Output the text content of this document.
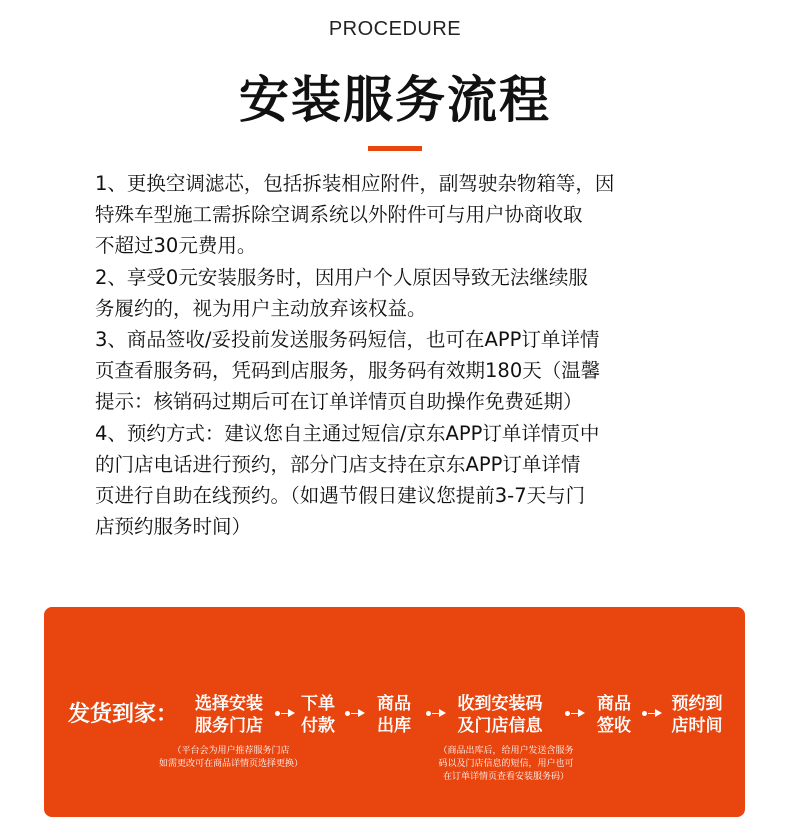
PROCEDURE
安装服务流程
1、更换空调滤芯，包括拆装相应附件，副驾驶杂物箱等，因
特殊车型施工需拆除空调系统以外附件可与用户协商收取
不超过30元费用。
2、享受0元安装服务时，因用户个人原因导致无法继续服
务履约的，视为用户主动放弃该权益。
3、商品签收/妥投前发送服务码短信，也可在APP订单详情
页查看服务码，凭码到店服务，服务码有效期180天（温馨
提示：核销码过期后可在订单详情页自助操作免费延期）
4、预约方式：建议您自主通过短信/京东APP订单详情页中
的门店电话进行预约，部分门店支持在京东APP订单详情
页进行自助在线预约。（如遇节假日建议您提前3-7天与门
店预约服务时间）
发货到家： 选择安装
服务门店
下单
付款
商品
出库
收到安装码
及门店信息
商品
签收
预约到
店时间
（平台会为用户推荐服务门店
如需更改可在商品详情页选择更换）
（商品出库后，给用户发送含服务
码以及门店信息的短信，用户也可
在订单详情页查看安装服务码）
